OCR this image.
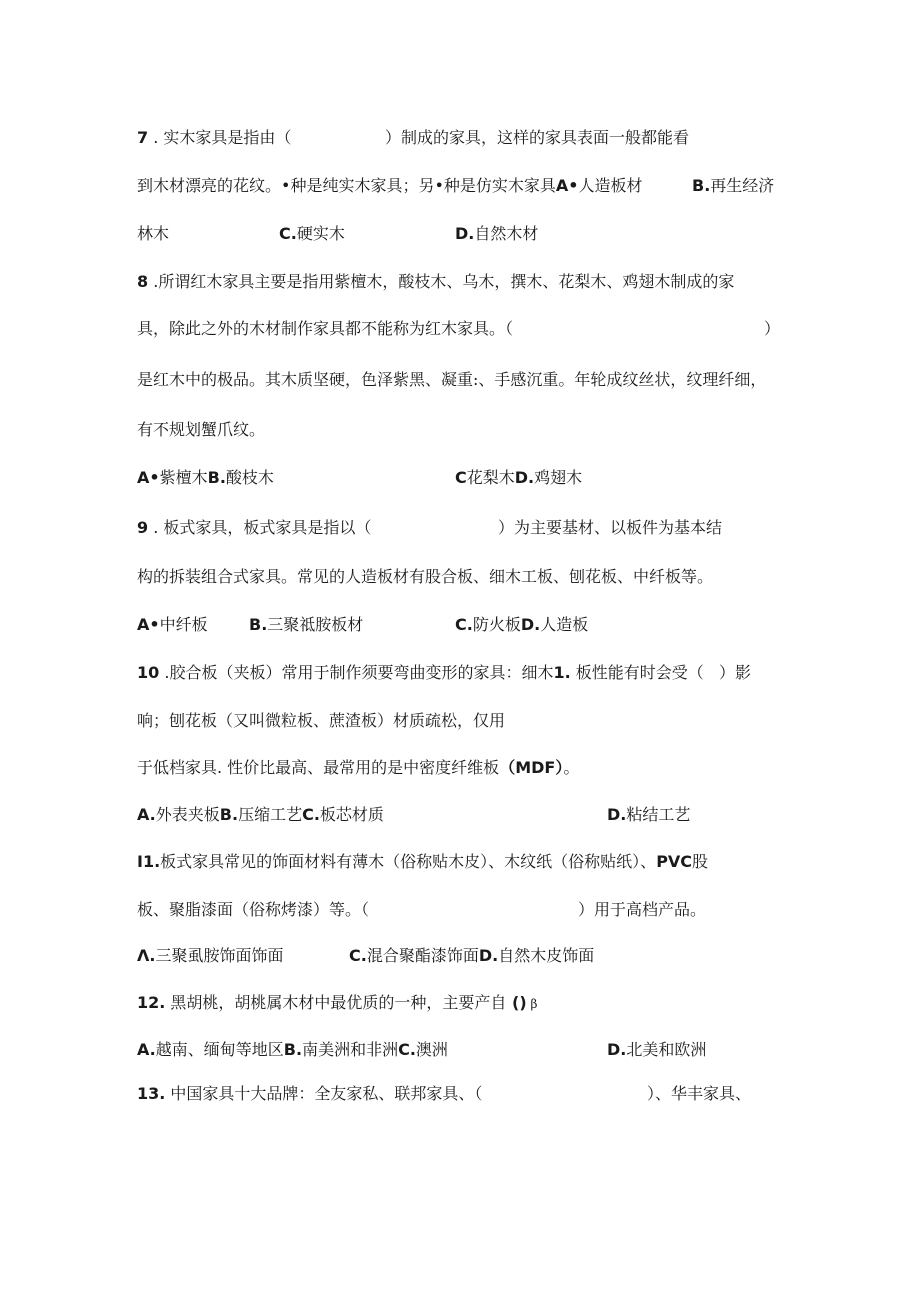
7 . 实木家具是指由（	）制成的家具，这样的家具表面一般都能看
到木材漂亮的花纹。•种是纯实木家具；另•种是仿实木家具A•人造板材	B.再生经济
林木	C.硬实木	D.自然木材
8 .所谓红木家具主要是指用紫檀木，酸枝木、乌木，撰木、花梨木、鸡翅木制成的家
具，除此之外的木材制作家具都不能称为红木家具。（	）
是红木中的极品。其木质坚硬，色泽紫黑、凝重:、手感沉重。年轮成纹丝状，纹理纤细，
有不规划蟹爪纹。
A•紫檀木B.酸枝木	C花梨木D.鸡翅木
9 . 板式家具，板式家具是指以（	）为主要基材、以板件为基本结
构的拆装组合式家具。常见的人造板材有股合板、细木工板、刨花板、中纤板等。
A•中纤板	B.三聚祗胺板材	C.防火板D.人造板
10 .胶合板（夹板）常用于制作须要弯曲变形的家具：细木1. 板性能有时会受（   ）影
响；刨花板（又叫微粒板、蔗渣板）材质疏松，仅用
于低档家具. 性价比最高、最常用的是中密度纤维板（MDF）。
A.外表夹板B.压缩工艺C.板芯材质	D.粘结工艺
I1.板式家具常见的饰面材料有薄木（俗称贴木皮）、木纹纸（俗称贴纸）、PVC股
板、聚脂漆面（俗称烤漆）等。（	）用于高档产品。
Λ.三聚虱胺饰面饰面	C.混合聚酯漆饰面D.自然木皮饰面
12. 黑胡桃，胡桃属木材中最优质的一种，主要产自 () β
A.越南、缅甸等地区B.南美洲和非洲C.澳洲	D.北美和欧洲
13. 中国家具十大品牌：全友家私、联邦家具、（	）、华丰家具、
